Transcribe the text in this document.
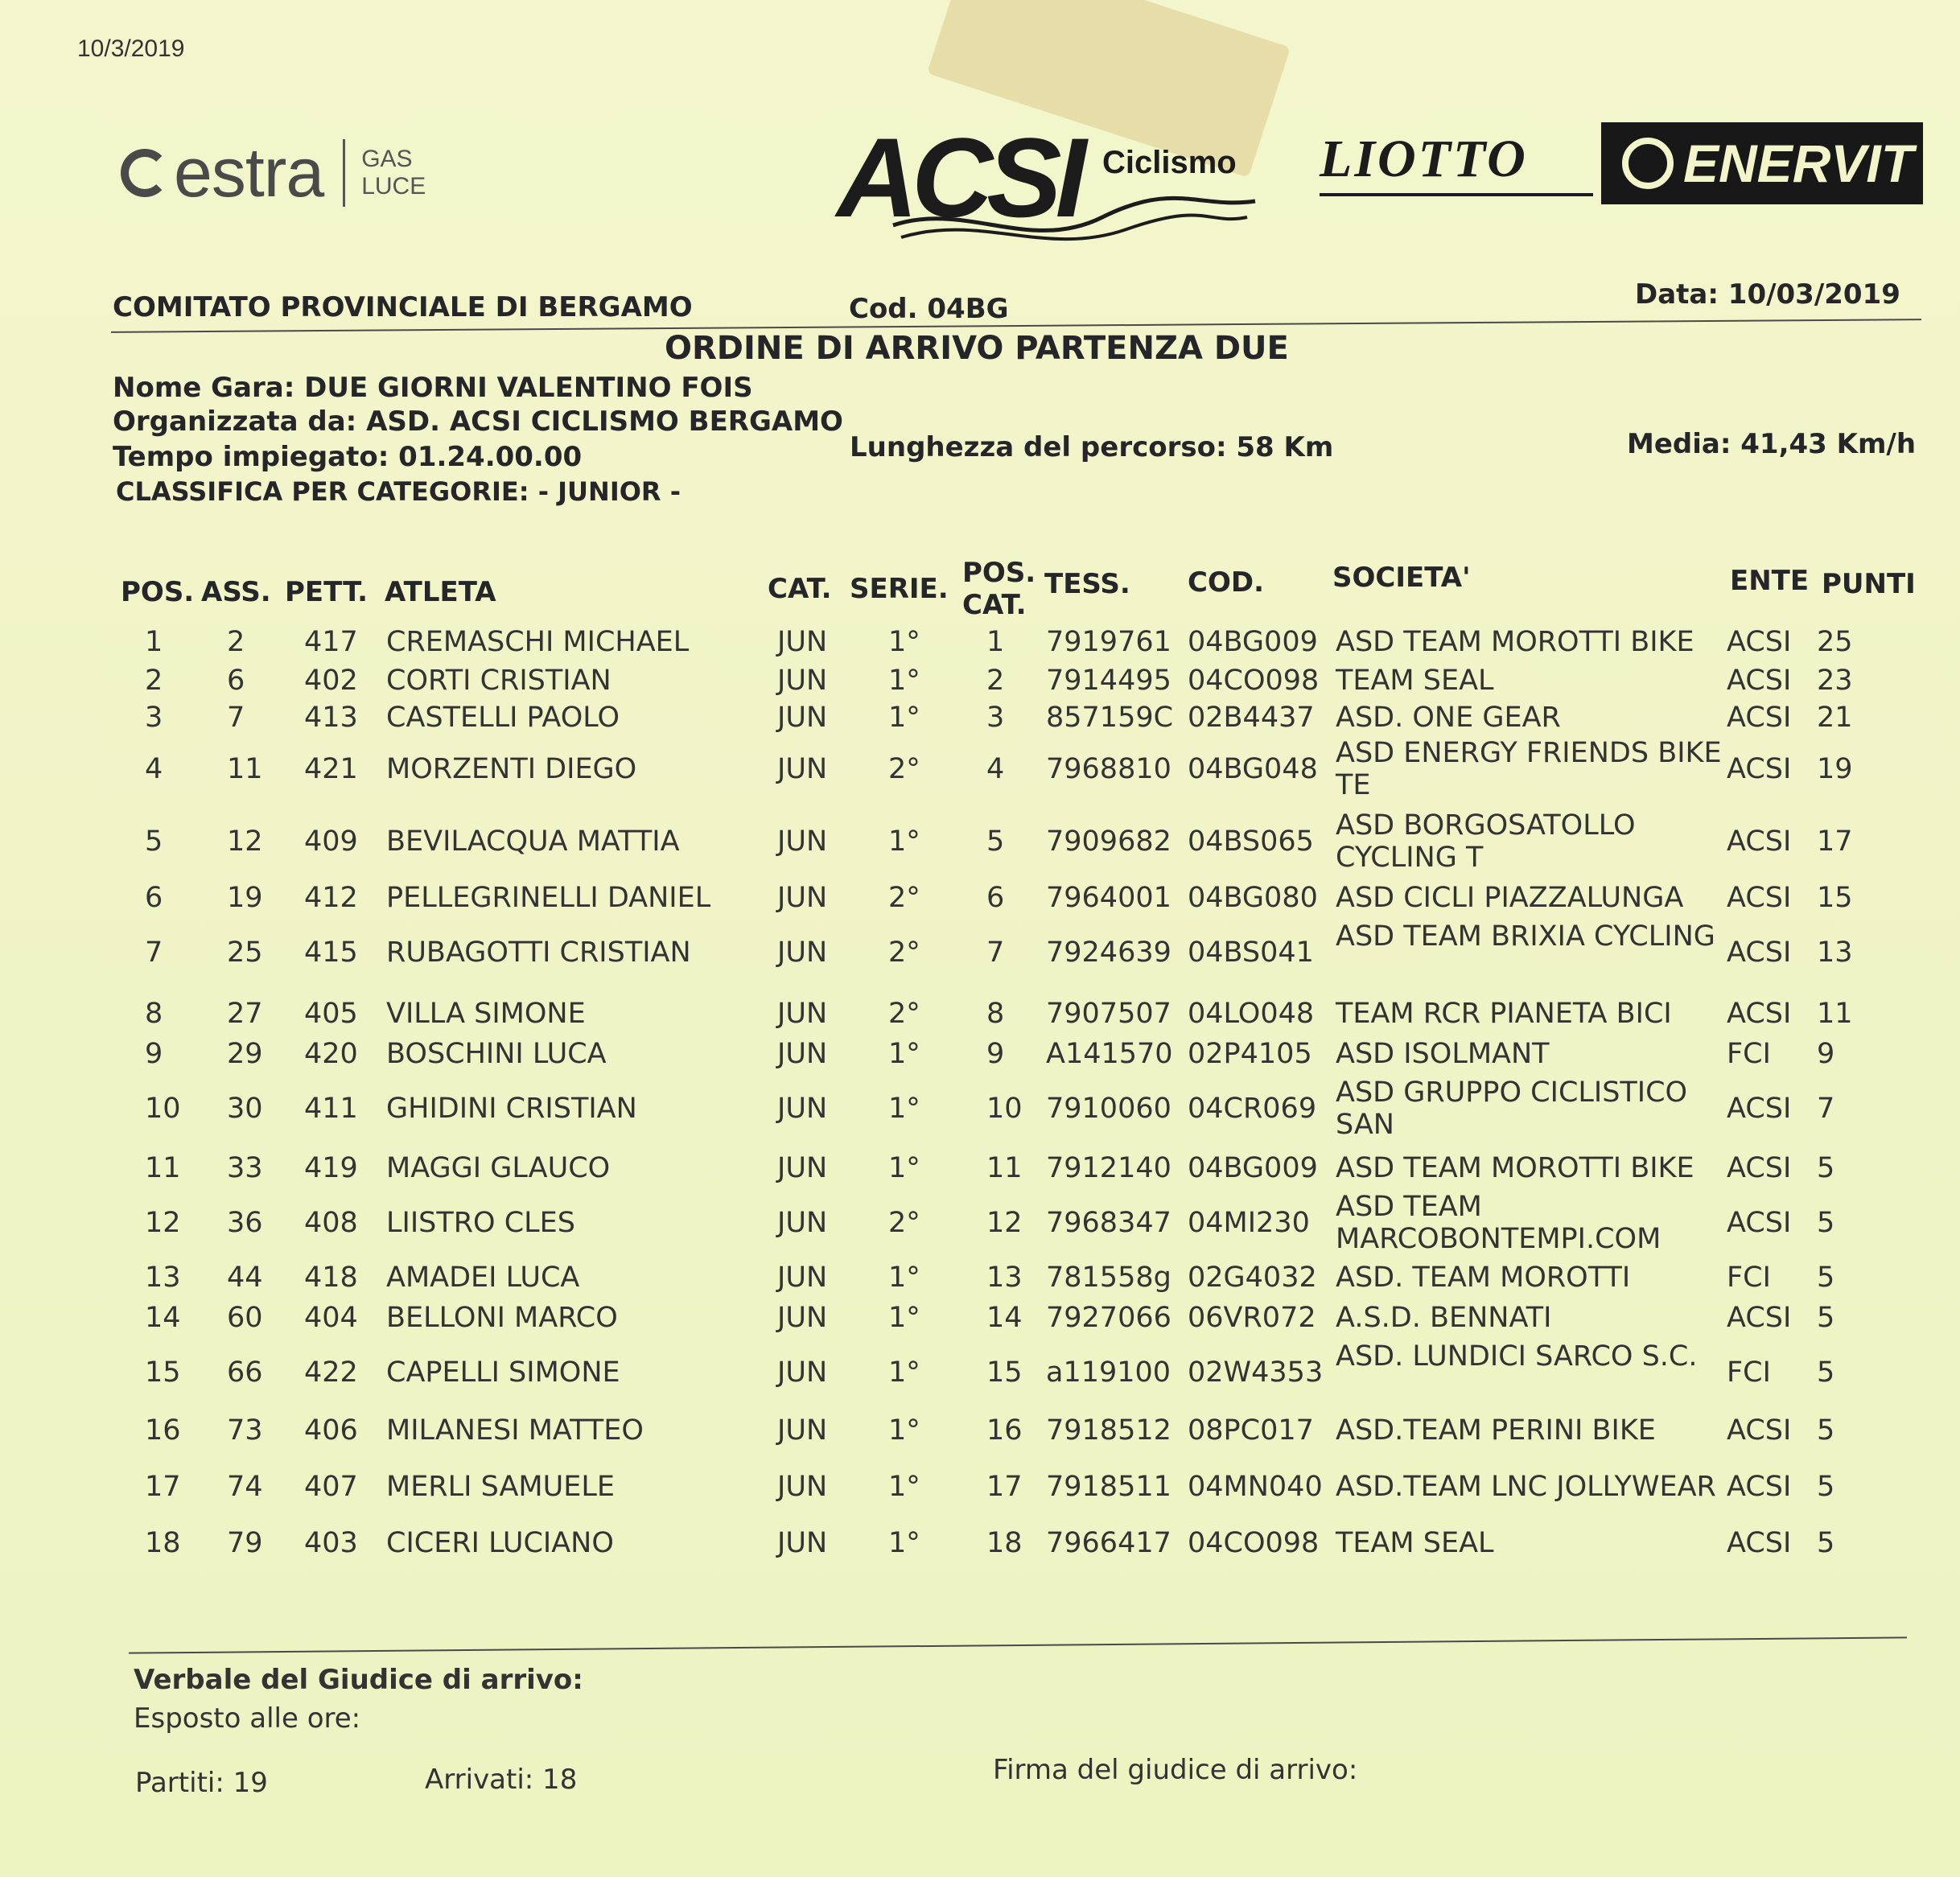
10/3/2019
estra GAS
LUCE	ACSI Ciclismo LIOTTO	ENERVIT
COMITATO PROVINCIALE DI BERGAMO	Cod. 04BG	Data: 10/03/2019
ORDINE DI ARRIVO PARTENZA DUE
Nome Gara: DUE GIORNI VALENTINO FOIS
Organizzata da: ASD. ACSI CICLISMO BERGAMO
Tempo impiegato: 01.24.00.00	Lunghezza del percorso: 58 Km	Media: 41,43 Km/h
CLASSIFICA PER CATEGORIE: - JUNIOR -
POS. ASS. PETT. ATLETA	CAT. SERIE. POS.
CAT.
TESS. COD.	SOCIETA'	ENTE PUNTI
1 2 417 CREMASCHI MICHAEL	JUN 1° 1 7919761 04BG009 ASD TEAM MOROTTI BIKE	ACSI 25
2 6 402 CORTI CRISTIAN	JUN 1° 2 7914495 04CO098 TEAM SEAL	ACSI 23
3 7 413 CASTELLI PAOLO	JUN 1° 3 857159C 02B4437 ASD. ONE GEAR	ACSI 21
4 11 421 MORZENTI DIEGO	JUN 2° 4 7968810 04BG048 ASD ENERGY FRIENDS BIKE TE	ACSI 19
5 12 409 BEVILACQUA MATTIA	JUN 1° 5 7909682 04BS065 ASD BORGOSATOLLO CYCLING T	ACSI 17
6 19 412 PELLEGRINELLI DANIEL JUN 2° 6 7964001 04BG080 ASD CICLI PIAZZALUNGA	ACSI 15
7 25 415 RUBAGOTTI CRISTIAN	JUN 2° 7 7924639 04BS041 ASD TEAM BRIXIA CYCLING ACSI 13
8 27 405 VILLA SIMONE	JUN 2° 8 7907507 04LO048 TEAM RCR PIANETA BICI	ACSI 11
9 29 420 BOSCHINI LUCA	JUN 1° 9 A141570 02P4105 ASD ISOLMANT	FCI 9
10 30 411 GHIDINI CRISTIAN	JUN 1° 10 7910060 04CR069 ASD GRUPPO CICLISTICO SAN	ACSI 7
11 33 419 MAGGI GLAUCO	JUN 1° 11 7912140 04BG009 ASD TEAM MOROTTI BIKE	ACSI 5
12 36 408 LIISTRO CLES	JUN 2° 12 7968347 04MI230 ASD TEAM MARCOBONTEMPI.COM	ACSI 5
13 44 418 AMADEI LUCA	JUN 1° 13 781558g 02G4032 ASD. TEAM MOROTTI	FCI 5
14 60 404 BELLONI MARCO	JUN 1° 14 7927066 06VR072 A.S.D. BENNATI	ACSI 5
15 66 422 CAPELLI SIMONE	JUN 1° 15 a119100 02W4353 ASD. LUNDICI SARCO S.C.	FCI 5
16 73 406 MILANESI MATTEO	JUN 1° 16 7918512 08PC017 ASD.TEAM PERINI BIKE	ACSI 5
17 74 407 MERLI SAMUELE	JUN 1° 17 7918511 04MN040 ASD.TEAM LNC JOLLYWEAR ACSI 5
18 79 403 CICERI LUCIANO	JUN 1° 18 7966417 04CO098 TEAM SEAL	ACSI 5
Verbale del Giudice di arrivo:
Esposto alle ore:
Partiti: 19	Arrivati: 18	Firma del giudice di arrivo:
